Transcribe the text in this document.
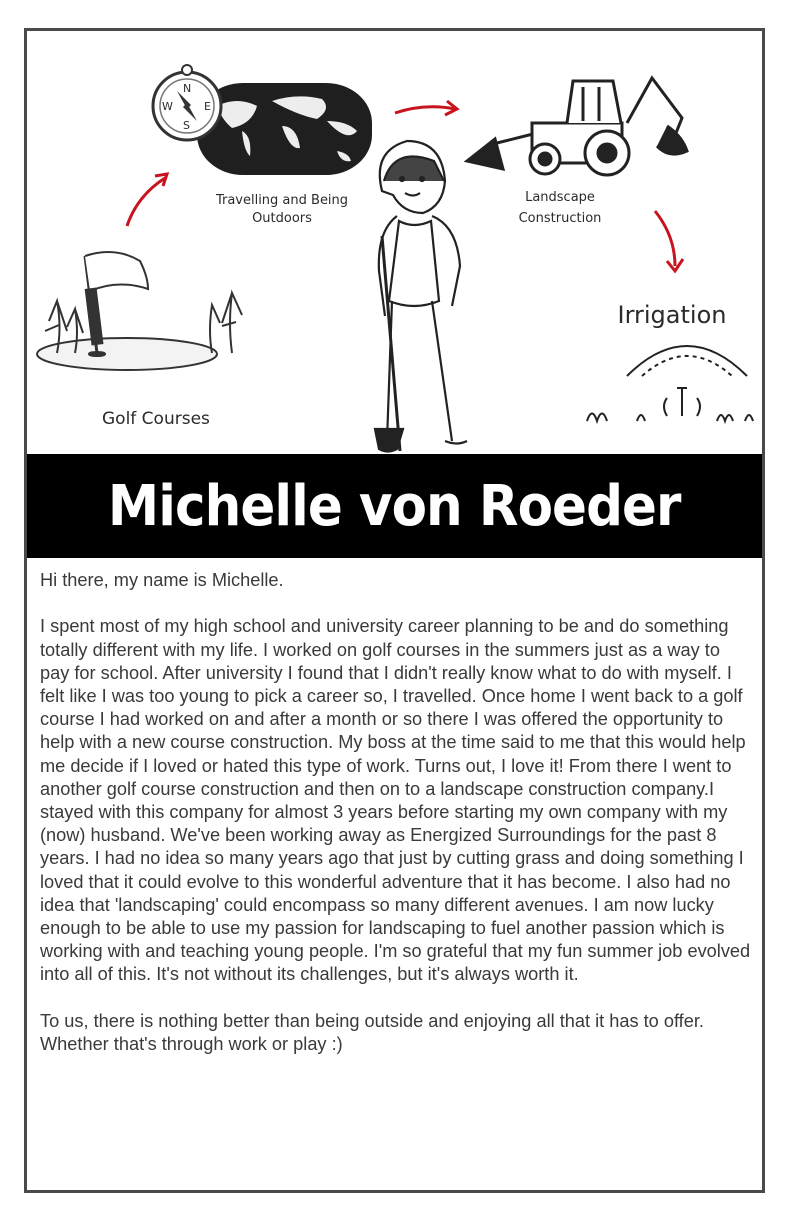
Golf Courses
N
E
S
W
Travelling and Being
Outdoors
Landscape
Construction
Irrigation
Michelle von Roeder

Hi there, my name is Michelle.

I spent most of my high school and university career planning to be and do something totally different with my life. I worked on golf courses in the summers just as a way to pay for school. After university I found that I didn't really know what to do with myself. I felt like I was too young to pick a career so, I travelled. Once home I went back to a golf course I had worked on and after a month or so there I was offered the opportunity to help with a new course construction. My boss at the time said to me that this would help me decide if I loved or hated this type of work. Turns out, I love it! From there I went to another golf course construction and then on to a landscape construction company.I stayed with this company for almost 3 years before starting my own company with my (now) husband. We've been working away as Energized Surroundings for the past 8 years. I had no idea so many years ago that just by cutting grass and doing something I loved that it could evolve to this wonderful adventure that it has become. I also had no idea that 'landscaping' could encompass so many different avenues. I am now lucky enough to be able to use my passion for landscaping to fuel another passion which is working with and teaching young people. I'm so grateful that my fun summer job evolved into all of this. It's not without its challenges, but it's always worth it.

To us, there is nothing better than being outside and enjoying all that it has to offer. Whether that's through work or play :)
